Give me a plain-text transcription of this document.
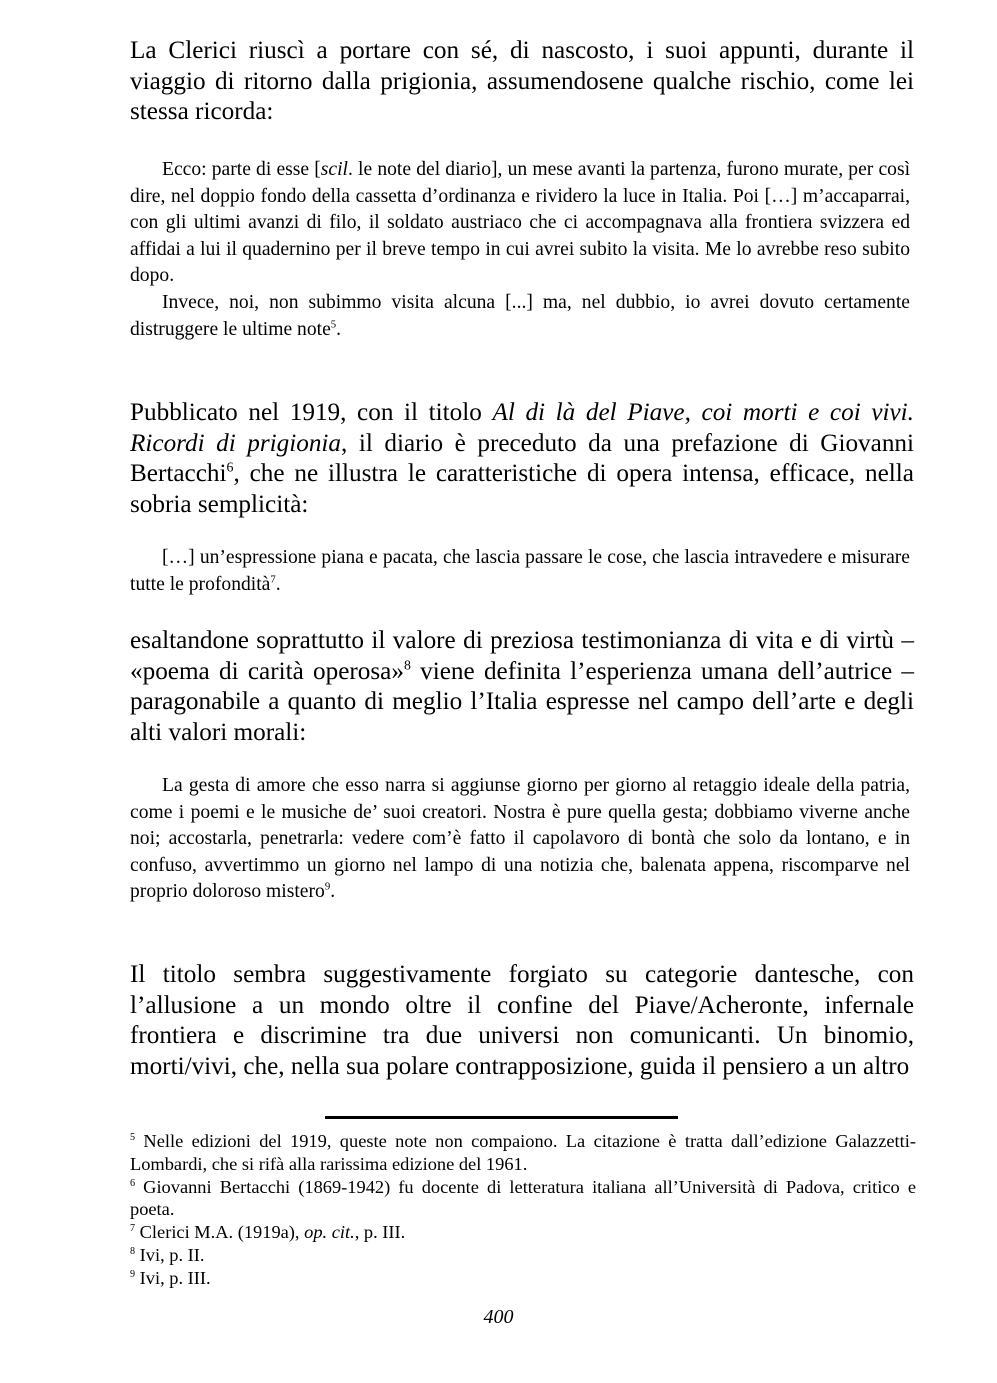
La Clerici riuscì a portare con sé, di nascosto, i suoi appunti, durante il viaggio di ritorno dalla prigionia, assumendosene qualche rischio, come lei stessa ricorda:

Ecco: parte di esse [scil. le note del diario], un mese avanti la partenza, furono murate, per così dire, nel doppio fondo della cassetta d’ordinanza e rividero la luce in Italia. Poi […] m’accaparrai, con gli ultimi avanzi di filo, il soldato austriaco che ci accompagnava alla frontiera svizzera ed affidai a lui il quadernino per il breve tempo in cui avrei subito la visita. Me lo avrebbe reso subito dopo.

Invece, noi, non subimmo visita alcuna [...] ma, nel dubbio, io avrei dovuto certamente distruggere le ultime note$^5$.

Pubblicato nel 1919, con il titolo Al di là del Piave, coi morti e coi vivi. Ricordi di prigionia, il diario è preceduto da una prefazione di Giovanni Bertacchi$^6$, che ne illustra le caratteristiche di opera intensa, efficace, nella sobria semplicità:

[…] un’espressione piana e pacata, che lascia passare le cose, che lascia intravedere e misurare tutte le profondità$^7$.

esaltandone soprattutto il valore di preziosa testimonianza di vita e di virtù – «poema di carità operosa»$^8$ viene definita l’esperienza umana dell’autrice – paragonabile a quanto di meglio l’Italia espresse nel campo dell’arte e degli alti valori morali:

La gesta di amore che esso narra si aggiunse giorno per giorno al retaggio ideale della patria, come i poemi e le musiche de’ suoi creatori. Nostra è pure quella gesta; dobbiamo viverne anche noi; accostarla, penetrarla: vedere com’è fatto il capolavoro di bontà che solo da lontano, e in confuso, avvertimmo un giorno nel lampo di una notizia che, balenata appena, riscomparve nel proprio doloroso mistero$^9$.

Il titolo sembra suggestivamente forgiato su categorie dantesche, con l’allusione a un mondo oltre il confine del Piave/Acheronte, infernale frontiera e discrimine tra due universi non comunicanti. Un binomio, morti/vivi, che, nella sua polare contrapposizione, guida il pensiero a un altro

$^5$ Nelle edizioni del 1919, queste note non compaiono. La citazione è tratta dall’edizione Galazzetti-Lombardi, che si rifà alla rarissima edizione del 1961.

$^6$ Giovanni Bertacchi (1869-1942) fu docente di letteratura italiana all’Università di Padova, critico e poeta.

$^7$ Clerici M.A. (1919a), op. cit., p. III.

$^8$ Ivi, p. II.

$^9$ Ivi, p. III.

400
